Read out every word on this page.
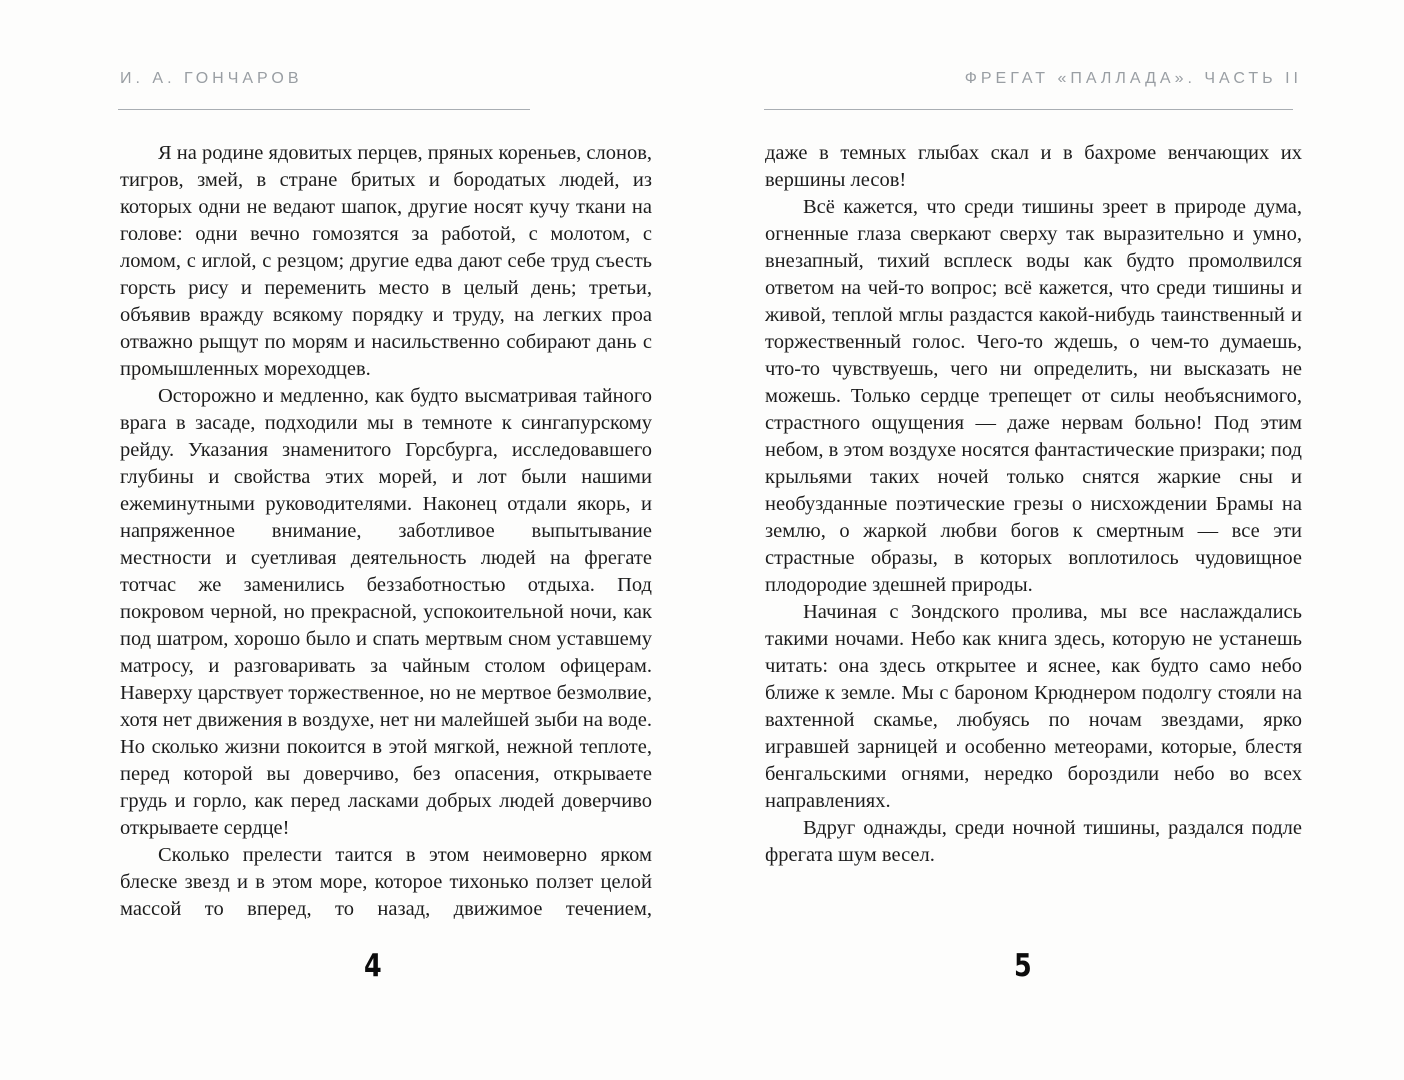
И. А. ГОНЧАРОВ	ФРЕГАТ «ПАЛЛАДА». ЧАСТЬ II

Я на родине ядовитых перцев, пряных кореньев, слонов, тигров, змей, в стране бритых и бородатых людей, из которых одни не ведают шапок, другие носят кучу ткани на голове: одни вечно гомозятся за работой, с молотом, с ломом, с иглой, с резцом; другие едва дают себе труд съесть горсть рису и переменить место в целый день; третьи, объявив вражду всякому порядку и труду, на легких проа отважно рыщут по морям и насильственно собирают дань с промышленных мореходцев.

Осторожно и медленно, как будто высматривая тайного врага в засаде, подходили мы в темноте к сингапурскому рейду. Указания знаменитого Горсбурга, исследовавшего глубины и свойства этих морей, и лот были нашими ежеминутными руководителями. Наконец отдали якорь, и напряженное внимание, заботливое выпытывание местности и суетливая деятельность людей на фрегате тотчас же заменились беззаботностью отдыха. Под покровом черной, но прекрасной, успокоительной ночи, как под шатром, хорошо было и спать мертвым сном уставшему матросу, и разговаривать за чайным столом офицерам. Наверху царствует торжественное, но не мертвое безмолвие, хотя нет движения в воздухе, нет ни малейшей зыби на воде. Но сколько жизни покоится в этой мягкой, нежной теплоте, перед которой вы доверчиво, без опасения, открываете грудь и горло, как перед ласками добрых людей доверчиво открываете сердце!

Сколько прелести таится в этом неимоверно ярком блеске звезд и в этом море, которое тихонько ползет целой массой то вперед, то назад, движимое течением,

даже в темных глыбах скал и в бахроме венчающих их вершины лесов!

Всё кажется, что среди тишины зреет в природе дума, огненные глаза сверкают сверху так выразительно и умно, внезапный, тихий всплеск воды как будто промолвился ответом на чей-то вопрос; всё кажется, что среди тишины и живой, теплой мглы раздастся какой-нибудь таинственный и торжественный голос. Чего-то ждешь, о чем-то думаешь, что-то чувствуешь, чего ни определить, ни высказать не можешь. Только сердце трепещет от силы необъяснимого, страстного ощущения — даже нервам больно! Под этим небом, в этом воздухе носятся фантастические призраки; под крыльями таких ночей только снятся жаркие сны и необузданные поэтические грезы о нисхождении Брамы на землю, о жаркой любви богов к смертным — все эти страстные образы, в которых воплотилось чудовищное плодородие здешней природы.

Начиная с Зондского пролива, мы все наслаждались такими ночами. Небо как книга здесь, которую не устанешь читать: она здесь открытее и яснее, как будто само небо ближе к земле. Мы с бароном Крюднером подолгу стояли на вахтенной скамье, любуясь по ночам звездами, ярко игравшей зарницей и особенно метеорами, которые, блестя бенгальскими огнями, нередко бороздили небо во всех направлениях.

Вдруг однажды, среди ночной тишины, раздался подле фрегата шум весел.

4	5
